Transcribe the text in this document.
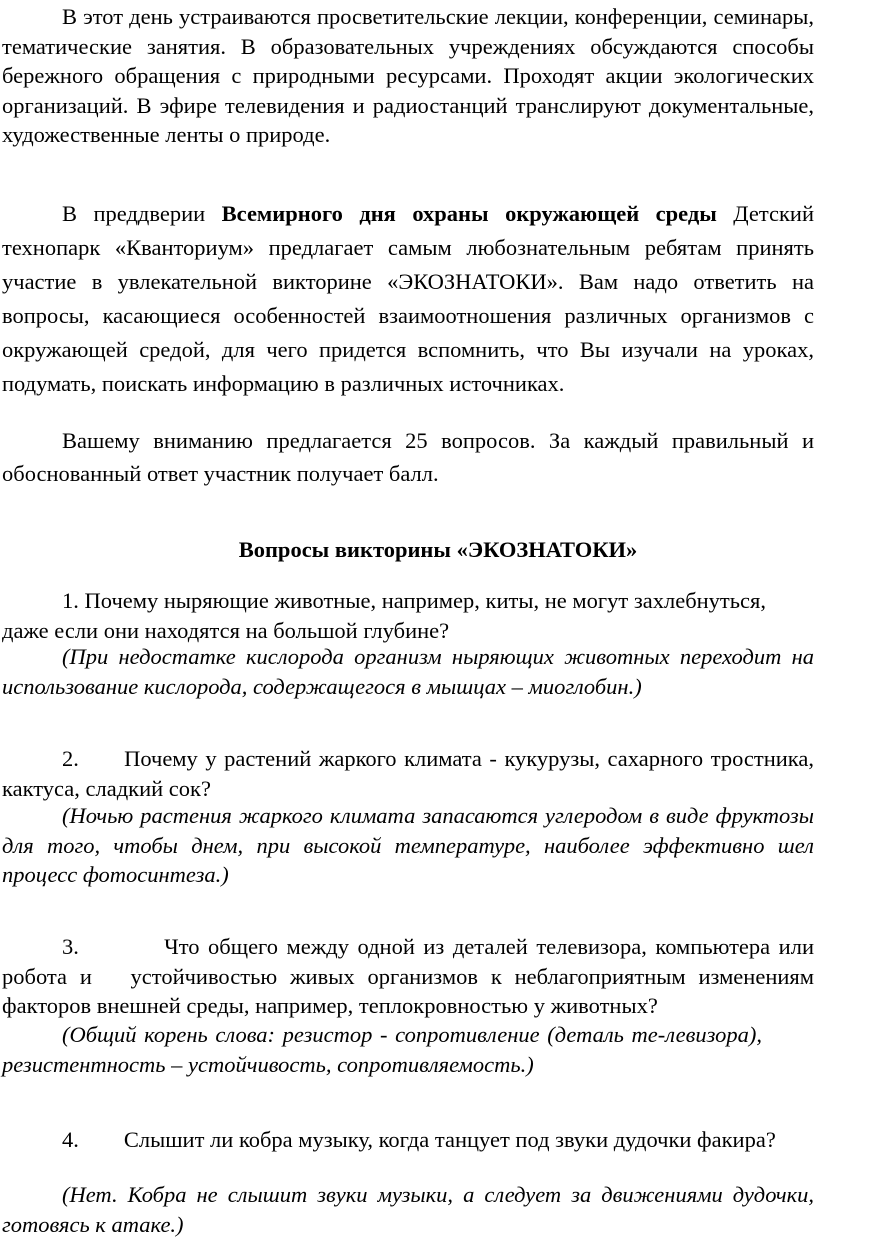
В этот день устраиваются просветительские лекции, конференции, семинары, тематические занятия. В образовательных учреждениях обсуждаются способы бережного обращения с природными ресурсами. Проходят акции экологических организаций. В эфире телевидения и радиостанций транслируют документальные, художественные ленты о природе.

В преддверии Всемирного дня охраны окружающей среды Детский технопарк «Кванториум» предлагает самым любознательным ребятам принять участие в увлекательной викторине «ЭКОЗНАТОКИ». Вам надо ответить на вопросы, касающиеся особенностей взаимоотношения различных организмов с окружающей средой, для чего придется вспомнить, что Вы изучали на уроках, подумать, поискать информацию в различных источниках.

Вашему вниманию предлагается 25 вопросов. За каждый правильный и обоснованный ответ участник получает балл.

Вопросы викторины «ЭКОЗНАТОКИ»

1. Почему ныряющие животные, например, киты, не могут захлебнуться, даже если они находятся на большой глубине?

(При недостатке кислорода организм ныряющих животных переходит на использование кислорода, содержащегося в мышцах – миоглобин.)

2.      Почему у растений жаркого климата - кукурузы, сахарного тростника, кактуса, сладкий сок?

(Ночью растения жаркого климата запасаются углеродом в виде фруктозы для того, чтобы днем, при высокой температуре, наиболее эффективно шел процесс фотосинтеза.)

3.          Что общего между одной из деталей телевизора, компьютера или робота и   устойчивостью живых организмов к неблагоприятным изменениям факторов внешней среды, например, теплокровностью у животных?

(Общий корень слова: резистор - сопротивление (деталь те-левизора), резистентность – устойчивость, сопротивляемость.)

4.        Слышит ли кобра музыку, когда танцует под звуки дудочки факира?

(Нет. Кобра не слышит звуки музыки, а следует за движениями дудочки, готовясь к атаке.)
